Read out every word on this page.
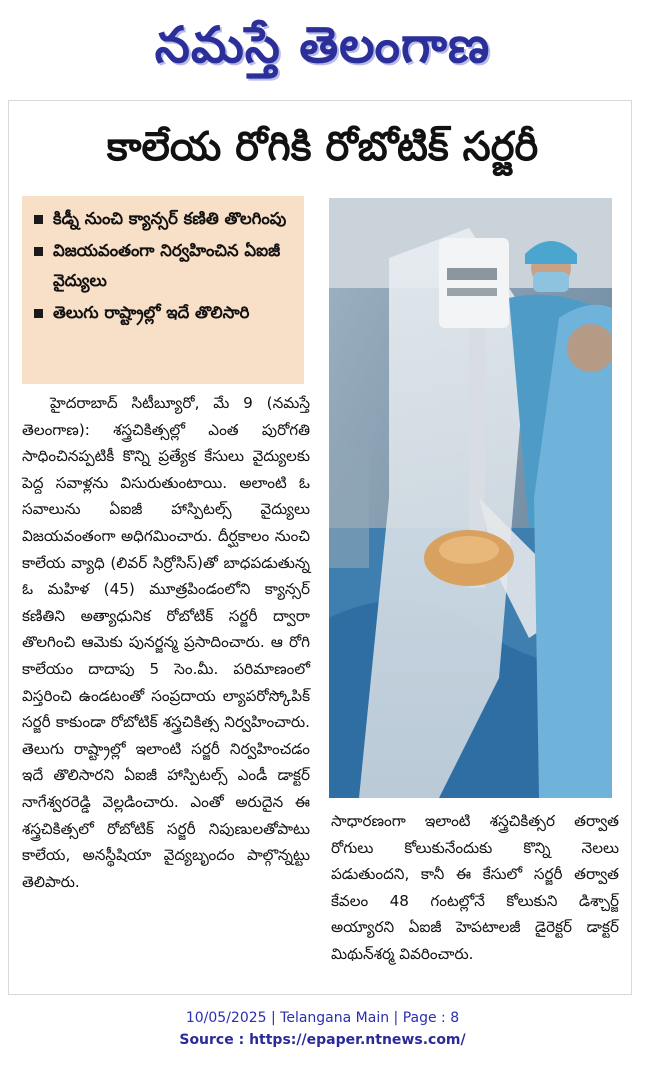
నమస్తే తెలంగాణ
కాలేయ రోగికి రోబోటిక్ సర్జరీ
కిడ్నీ నుంచి క్యాన్సర్ కణితి తొలగింపు
విజయవంతంగా నిర్వహించిన ఏఐజీ వైద్యులు
తెలుగు రాష్ట్రాల్లో ఇదే తొలిసారి

హైదరాబాద్ సిటీబ్యూరో, మే 9 (నమస్తే తెలంగాణ): శస్త్రచికిత్సల్లో ఎంత పురోగతి సాధించినప్పటికీ కొన్ని ప్రత్యేక కేసులు వైద్యులకు పెద్ద సవాళ్లను విసురుతుంటాయి. అలాంటి ఓ సవాలును ఏఐజీ హాస్పిటల్స్ వైద్యులు విజయవంతంగా అధిగమించారు. దీర్ఘకాలం నుంచి కాలేయ వ్యాధి (లివర్ సిర్రోసిస్)తో బాధపడుతున్న ఓ మహిళ (45) మూత్రపిండంలోని క్యాన్సర్ కణితిని అత్యాధునిక రోబోటిక్ సర్జరీ ద్వారా తొలగించి ఆమెకు పునర్జన్మ ప్రసాదించారు. ఆ రోగి కాలేయం దాదాపు 5 సెం.మీ. పరిమాణంలో విస్తరించి ఉండటంతో సంప్రదాయ ల్యాపరోస్కోపిక్ సర్జరీ కాకుండా రోబోటిక్ శస్త్రచికిత్స నిర్వహించారు. తెలుగు రాష్ట్రాల్లో ఇలాంటి సర్జరీ నిర్వహించడం ఇదే తొలిసారని ఏఐజీ హాస్పిటల్స్ ఎండీ డాక్టర్ నాగేశ్వరరెడ్డి వెల్లడించారు. ఎంతో అరుదైన ఈ శస్త్రచికిత్సలో రోబోటిక్ సర్జరీ నిపుణులతోపాటు కాలేయ, అనస్థీషియా వైద్యబృందం పాల్గొన్నట్టు తెలిపారు.

సాధారణంగా ఇలాంటి శస్త్రచికిత్సర తర్వాత రోగులు కోలుకునేందుకు కొన్ని నెలలు పడుతుందని, కానీ ఈ కేసులో సర్జరీ తర్వాత కేవలం 48 గంటల్లోనే కోలుకుని డిశ్చార్జ్ అయ్యారని ఏఐజీ హెపటాలజీ డైరెక్టర్ డాక్టర్ మిథున్‌శర్మ వివరించారు.

10/05/2025 | Telangana Main | Page : 8
Source : https://epaper.ntnews.com/
